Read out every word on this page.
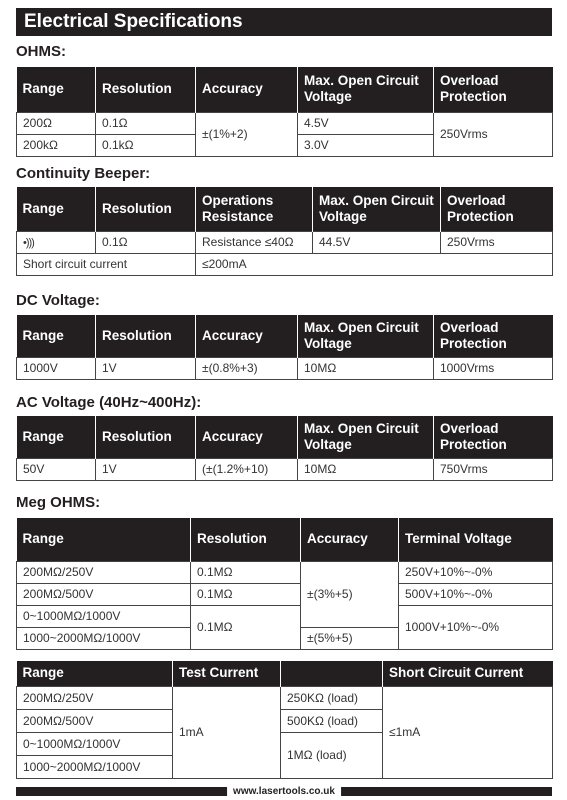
Electrical Specifications
OHMS:
Range	Resolution	Accuracy	Max. Open Circuit Voltage	Overload Protection
200Ω	0.1Ω	±(1%+2)	4.5V	250Vrms
200kΩ	0.1kΩ		3.0V	
Continuity Beeper:
Range	Resolution	Operations Resistance	Max. Open Circuit Voltage	Overload Protection
•)))	0.1Ω	Resistance ≤40Ω	44.5V	250Vrms
Short circuit current		≤200mA		
DC Voltage:
Range	Resolution	Accuracy	Max. Open Circuit Voltage	Overload Protection
1000V	1V	±(0.8%+3)	10MΩ	1000Vrms
AC Voltage (40Hz~400Hz):
Range	Resolution	Accuracy	Max. Open Circuit Voltage	Overload Protection
50V	1V	(±(1.2%+10)	10MΩ	750Vrms
Meg OHMS:
Range	Resolution	Accuracy	Terminal Voltage
200MΩ/250V	0.1MΩ	±(3%+5)	250V+10%~-0%
200MΩ/500V	0.1MΩ		500V+10%~-0%
0~1000MΩ/1000V	0.1MΩ		1000V+10%~-0%
1000~2000MΩ/1000V		±(5%+5)	
Range	Test Current		Short Circuit Current
200MΩ/250V	1mA	250KΩ (load)	≤1mA
200MΩ/500V		500KΩ (load)	
0~1000MΩ/1000V		1MΩ (load)	
1000~2000MΩ/1000V			
www.lasertools.co.uk
